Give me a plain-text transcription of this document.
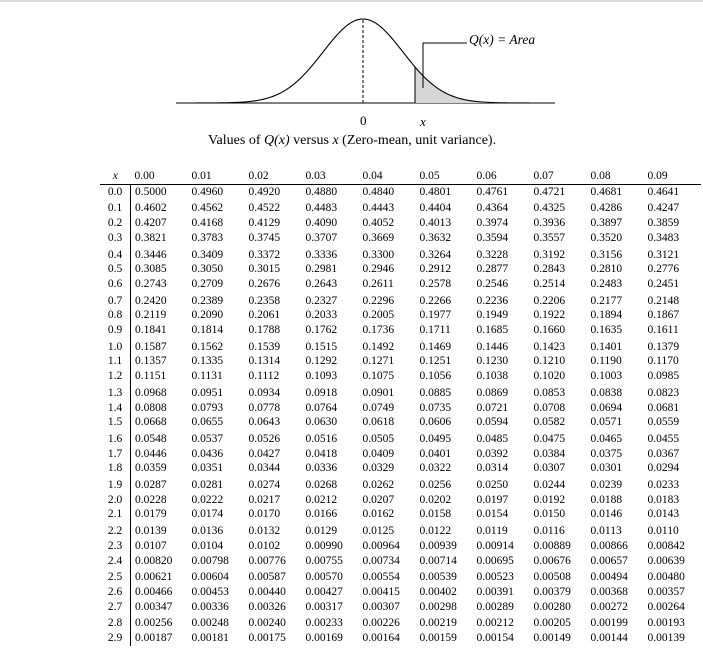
Q(x) = Area
0	x
Values of Q(x) versus x (Zero-mean, unit variance).
x	0.00	0.01	0.02	0.03	0.04	0.05	0.06	0.07	0.08	0.09
0.0	0.5000	0.4960	0.4920	0.4880	0.4840	0.4801	0.4761	0.4721	0.4681	0.4641
0.1	0.4602	0.4562	0.4522	0.4483	0.4443	0.4404	0.4364	0.4325	0.4286	0.4247
0.2	0.4207	0.4168	0.4129	0.4090	0.4052	0.4013	0.3974	0.3936	0.3897	0.3859
0.3	0.3821	0.3783	0.3745	0.3707	0.3669	0.3632	0.3594	0.3557	0.3520	0.3483
0.4	0.3446	0.3409	0.3372	0.3336	0.3300	0.3264	0.3228	0.3192	0.3156	0.3121
0.5	0.3085	0.3050	0.3015	0.2981	0.2946	0.2912	0.2877	0.2843	0.2810	0.2776
0.6	0.2743	0.2709	0.2676	0.2643	0.2611	0.2578	0.2546	0.2514	0.2483	0.2451
0.7	0.2420	0.2389	0.2358	0.2327	0.2296	0.2266	0.2236	0.2206	0.2177	0.2148
0.8	0.2119	0.2090	0.2061	0.2033	0.2005	0.1977	0.1949	0.1922	0.1894	0.1867
0.9	0.1841	0.1814	0.1788	0.1762	0.1736	0.1711	0.1685	0.1660	0.1635	0.1611
1.0	0.1587	0.1562	0.1539	0.1515	0.1492	0.1469	0.1446	0.1423	0.1401	0.1379
1.1	0.1357	0.1335	0.1314	0.1292	0.1271	0.1251	0.1230	0.1210	0.1190	0.1170
1.2	0.1151	0.1131	0.1112	0.1093	0.1075	0.1056	0.1038	0.1020	0.1003	0.0985
1.3	0.0968	0.0951	0.0934	0.0918	0.0901	0.0885	0.0869	0.0853	0.0838	0.0823
1.4	0.0808	0.0793	0.0778	0.0764	0.0749	0.0735	0.0721	0.0708	0.0694	0.0681
1.5	0.0668	0.0655	0.0643	0.0630	0.0618	0.0606	0.0594	0.0582	0.0571	0.0559
1.6	0.0548	0.0537	0.0526	0.0516	0.0505	0.0495	0.0485	0.0475	0.0465	0.0455
1.7	0.0446	0.0436	0.0427	0.0418	0.0409	0.0401	0.0392	0.0384	0.0375	0.0367
1.8	0.0359	0.0351	0.0344	0.0336	0.0329	0.0322	0.0314	0.0307	0.0301	0.0294
1.9	0.0287	0.0281	0.0274	0.0268	0.0262	0.0256	0.0250	0.0244	0.0239	0.0233
2.0	0.0228	0.0222	0.0217	0.0212	0.0207	0.0202	0.0197	0.0192	0.0188	0.0183
2.1	0.0179	0.0174	0.0170	0.0166	0.0162	0.0158	0.0154	0.0150	0.0146	0.0143
2.2	0.0139	0.0136	0.0132	0.0129	0.0125	0.0122	0.0119	0.0116	0.0113	0.0110
2.3	0.0107	0.0104	0.0102	0.00990	0.00964	0.00939	0.00914	0.00889	0.00866	0.00842
2.4	0.00820	0.00798	0.00776	0.00755	0.00734	0.00714	0.00695	0.00676	0.00657	0.00639
2.5	0.00621	0.00604	0.00587	0.00570	0.00554	0.00539	0.00523	0.00508	0.00494	0.00480
2.6	0.00466	0.00453	0.00440	0.00427	0.00415	0.00402	0.00391	0.00379	0.00368	0.00357
2.7	0.00347	0.00336	0.00326	0.00317	0.00307	0.00298	0.00289	0.00280	0.00272	0.00264
2.8	0.00256	0.00248	0.00240	0.00233	0.00226	0.00219	0.00212	0.00205	0.00199	0.00193
2.9	0.00187	0.00181	0.00175	0.00169	0.00164	0.00159	0.00154	0.00149	0.00144	0.00139
